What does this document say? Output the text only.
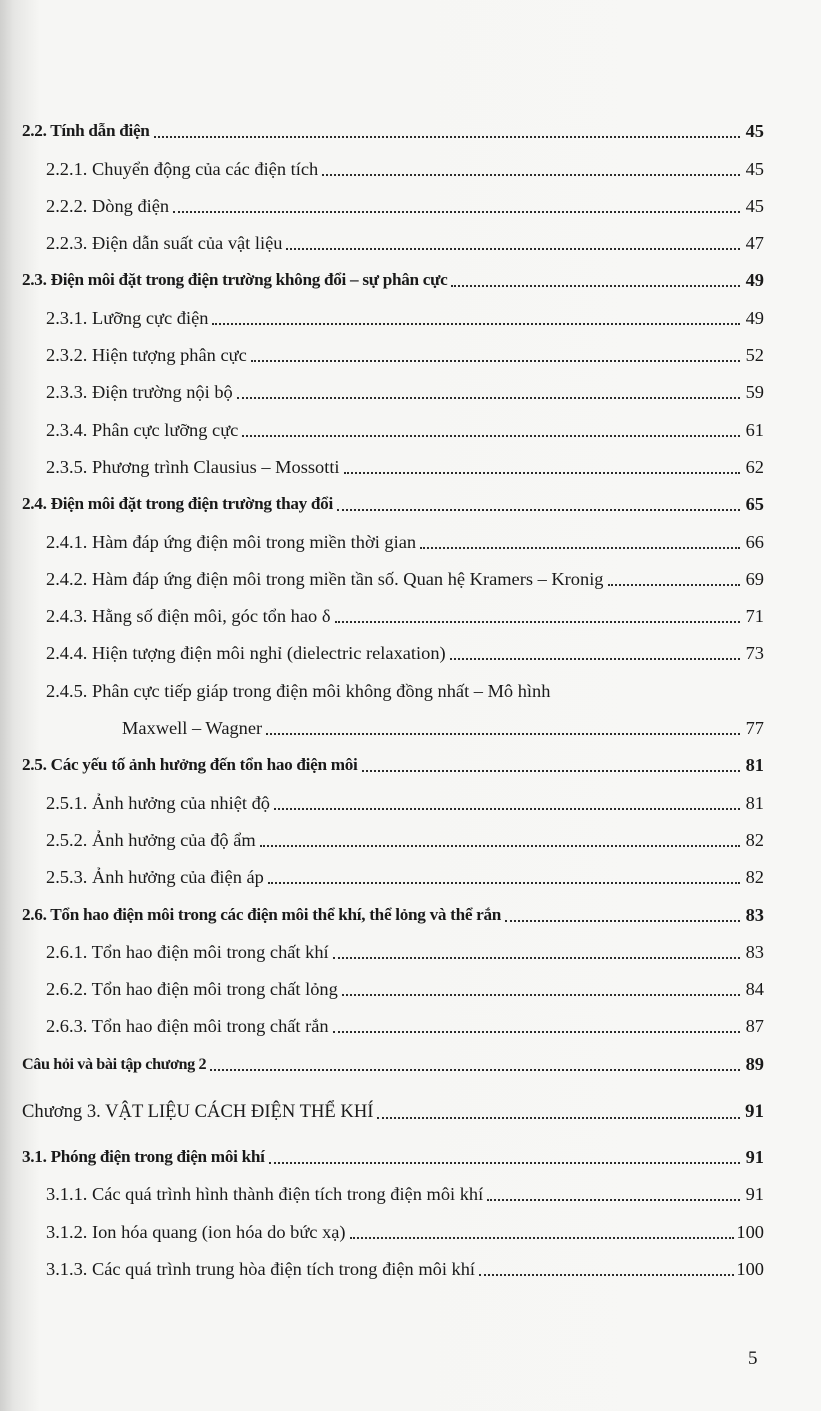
2.2. Tính dẫn điện	45
2.2.1. Chuyển động của các điện tích	45
2.2.2. Dòng điện	45
2.2.3. Điện dẫn suất của vật liệu	47
2.3. Điện môi đặt trong điện trường không đổi – sự phân cực	49
2.3.1. Lưỡng cực điện	49
2.3.2. Hiện tượng phân cực	52
2.3.3. Điện trường nội bộ	59
2.3.4. Phân cực lưỡng cực	61
2.3.5. Phương trình Clausius – Mossotti	62
2.4. Điện môi đặt trong điện trường thay đổi	65
2.4.1. Hàm đáp ứng điện môi trong miền thời gian	66
2.4.2. Hàm đáp ứng điện môi trong miền tần số. Quan hệ Kramers – Kronig	69
2.4.3. Hằng số điện môi, góc tổn hao δ	71
2.4.4. Hiện tượng điện môi nghỉ (dielectric relaxation)	73
2.4.5. Phân cực tiếp giáp trong điện môi không đồng nhất – Mô hình
Maxwell – Wagner	77
2.5. Các yếu tố ảnh hưởng đến tổn hao điện môi	81
2.5.1. Ảnh hưởng của nhiệt độ	81
2.5.2. Ảnh hưởng của độ ẩm	82
2.5.3. Ảnh hưởng của điện áp	82
2.6. Tổn hao điện môi trong các điện môi thể khí, thể lỏng và thể rắn	83
2.6.1. Tổn hao điện môi trong chất khí	83
2.6.2. Tổn hao điện môi trong chất lỏng	84
2.6.3. Tổn hao điện môi trong chất rắn	87
Câu hỏi và bài tập chương 2	89
Chương 3. VẬT LIỆU CÁCH ĐIỆN THỂ KHÍ	91
3.1. Phóng điện trong điện môi khí	91
3.1.1. Các quá trình hình thành điện tích trong điện môi khí	91
3.1.2. Ion hóa quang (ion hóa do bức xạ)	100
3.1.3. Các quá trình trung hòa điện tích trong điện môi khí	100
5
